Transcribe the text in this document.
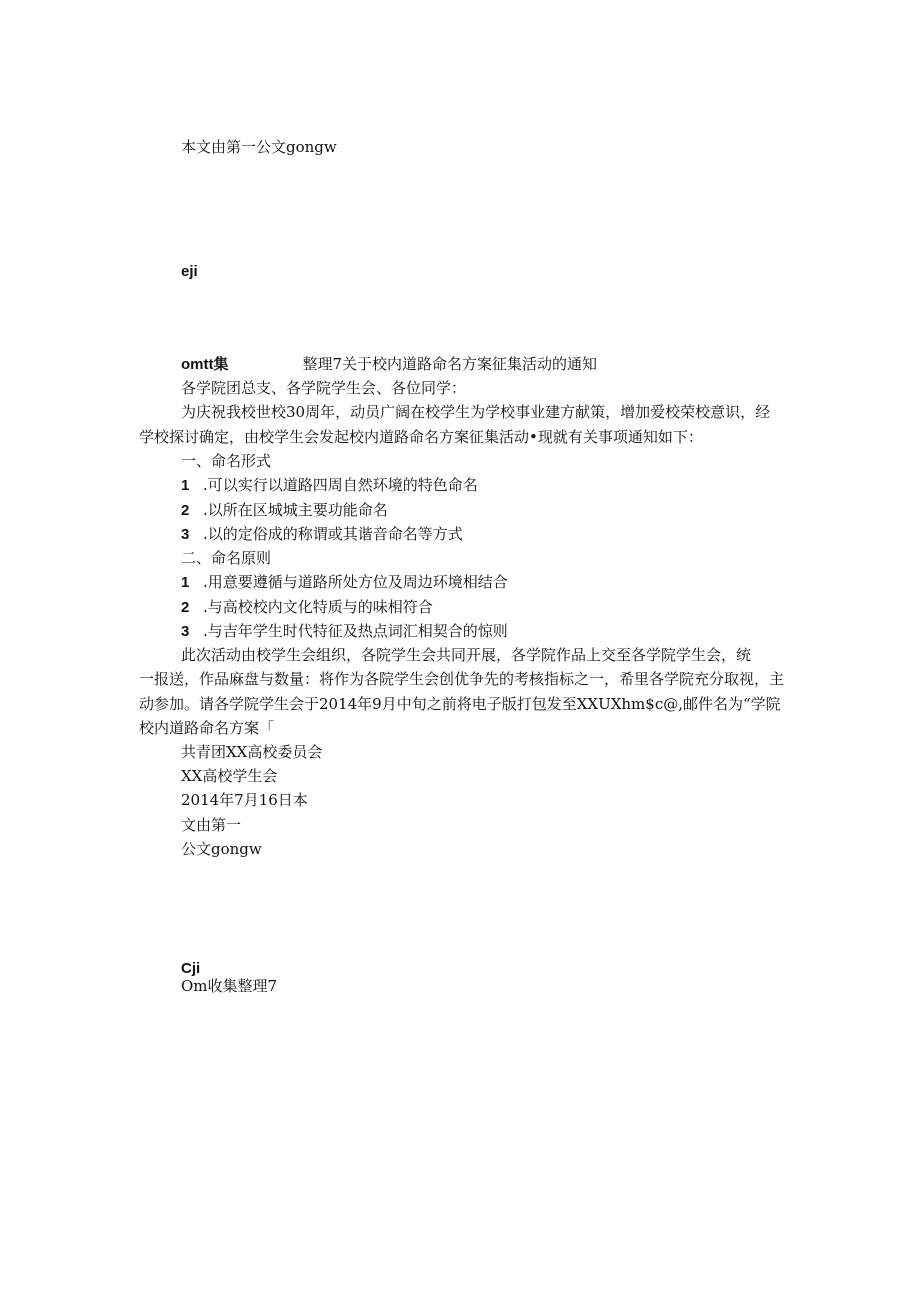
本文由第一公文gongw
eji
omtt集	整理7关于校内道路命名方案征集活动的通知
各学院团总支、各学院学生会、各位同学：
为庆祝我校世校30周年，动员广阔在校学生为学校事业建方献策，增加爱校荣校意识，经
学校探讨确定，由校学生会发起校内道路命名方案征集活动•现就有关事项通知如下：
一、命名形式
1 .可以实行以道路四周自然环境的特色命名
2 .以所在区城城主要功能命名
3 .以的定俗成的称谓或其谐音命名等方式
二、命名原则
1 .用意要遵循与道路所处方位及周边环境相结合
2 .与高校校内文化特质与的味相符合
3 .与吉年学生时代特征及热点词汇相契合的惊则
此次活动由校学生会组织，各院学生会共同开展，各学院作品上交至各学院学生会，统
一报送，作品麻盘与数量：将作为各院学生会创优争先的考核指标之一，希里各学院充分取视，主
动参加。请各学院学生会于2014年9月中旬之前将电子版打包发至XXUXhm$c@,邮件名为“学院
校内道路命名方案「
共青团XX高校委员会
XX高校学生会
2014年7月16日本
文由第一
公文gongw
Cji
Om收集整理7
